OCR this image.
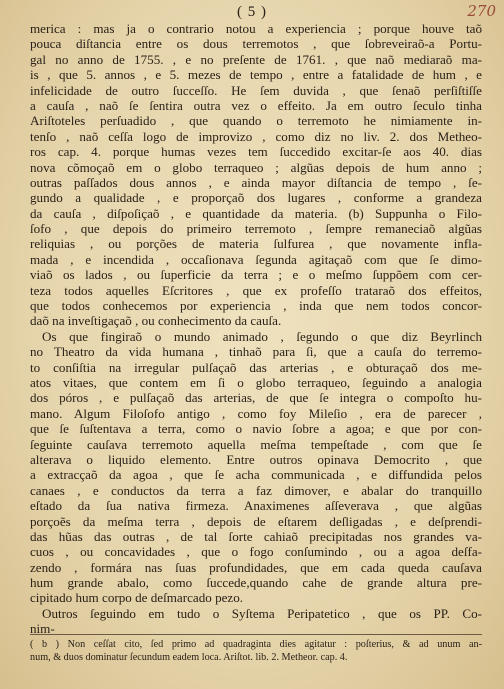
( 5 )	270
merica : mas ja o contrario notou a experiencia ; porque houve taõ
pouca diſtancia entre os dous terremotos , que ſobreveiraõ-a Portu-
gal no anno de 1755. , e no preſente de 1761. , que naõ mediaraõ ma-
is , que 5. annos , e 5. mezes de tempo , entre a fatalidade de hum , e
infelicidade de outro ſucceſſo. He ſem duvida , que ſenaõ perſiſtiſſe
a cauſa , naõ ſe ſentira outra vez o effeito. Ja em outro ſeculo tinha
Ariſtoteles perſuadido , que quando o terremoto he nimiamente in-
tenſo , naõ ceſſa logo de improvizo , como diz no liv. 2. dos Metheo-
ros cap. 4. porque humas vezes tem ſuccedido excitar-ſe aos 40. dias
nova cõmoçaõ em o globo terraqueo ; algũas depois de hum anno ;
outras paſſados dous annos , e ainda mayor diſtancia de tempo , ſe-
gundo a qualidade , e proporçaõ dos lugares , conforme a grandeza
da cauſa , diſpoſiçaõ , e quantidade da materia. (b) Suppunha o Filo-
ſofo , que depois do primeiro terremoto , ſempre remaneciaõ algũas
reliquias , ou porções de materia ſulfurea , que novamente infla-
mada , e incendida , occaſionava ſegunda agitaçaõ com que ſe dimo-
viaõ os lados , ou ſuperficie da terra ; e o meſmo ſuppõem com cer-
teza todos aquelles Eſcritores , que ex profeſſo trataraõ dos effeitos,
que todos conhecemos por experiencia , inda que nem todos concor-
daõ na inveſtigaçaõ , ou conhecimento da cauſa.
Os que fingiraõ o mundo animado , ſegundo o que diz Beyrlinch
no Theatro da vida humana , tinhaõ para ſi, que a cauſa do terremo-
to conſiſtia na irregular pulſaçaõ das arterias , e obturaçaõ dos me-
atos vitaes, que contem em ſi o globo terraqueo, ſeguindo a analogia
dos póros , e pulſaçaõ das arterias, de que ſe integra o compoſto hu-
mano. Algum Filoſofo antigo , como foy Mileſio , era de parecer ,
que ſe ſuſtentava a terra, como o navio ſobre a agoa; e que por con-
ſeguinte cauſava terremoto aquella meſma tempeſtade , com que ſe
alterava o liquido elemento. Entre outros opinava Democrito , que
a extracçaõ da agoa , que ſe acha communicada , e diffundida pelos
canaes , e conductos da terra a faz dimover, e abalar do tranquillo
eſtado da ſua nativa firmeza. Anaximenes aſſeverava , que algũas
porçoẽs da meſma terra , depois de eſtarem deſligadas , e deſprendi-
das hũas das outras , de tal ſorte cahiaõ precipitadas nos grandes va-
cuos , ou concavidades , que o fogo conſumindo , ou a agoa deſfa-
zendo , formára nas ſuas profundidades, que em cada queda cauſava
hum grande abalo, como ſuccede,quando cahe de grande altura pre-
cipitado hum corpo de deſmarcado pezo.
Outros ſeguindo em tudo o Syſtema Peripatetico , que os PP. Co-
nim-
( b ) Non ceſſat cito, ſed primo ad quadraginta dies agitatur : poſterius, & ad unum an-
num, & duos dominatur ſecundum eadem loca. Ariſtot. lib. 2. Metheor. cap. 4.
